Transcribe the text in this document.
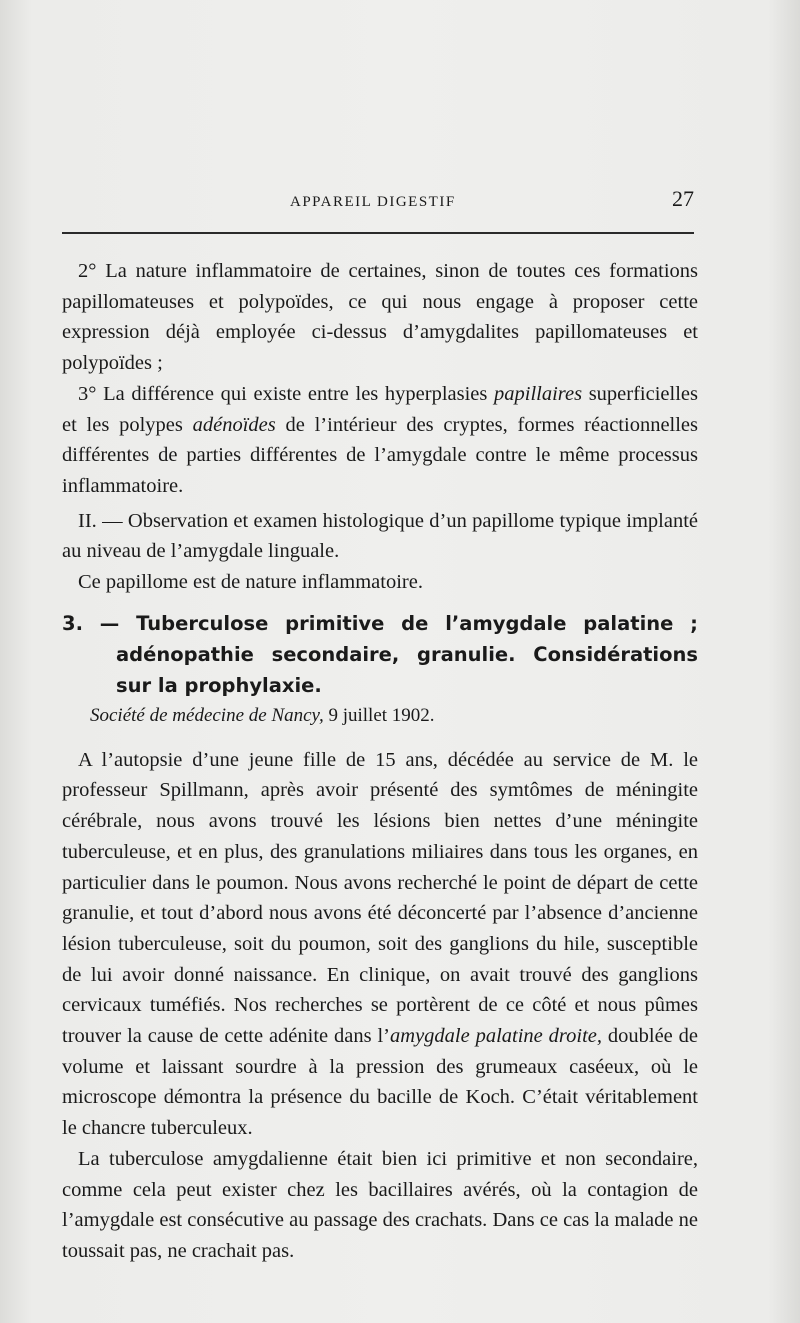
APPAREIL DIGESTIF	27

2° La nature inflammatoire de certaines, sinon de toutes ces formations papillomateuses et polypoïdes, ce qui nous engage à proposer cette expression déjà employée ci-dessus d’amygdalites papillomateuses et polypoïdes ;

3° La différence qui existe entre les hyperplasies papillaires superficielles et les polypes adénoïdes de l’intérieur des cryptes, formes réactionnelles différentes de parties différentes de l’amygdale contre le même processus inflammatoire.

II. — Observation et examen histologique d’un papillome typique implanté au niveau de l’amygdale linguale.

Ce papillome est de nature inflammatoire.

3. — Tuberculose primitive de l’amygdale palatine ; adénopathie secondaire, granulie. Considérations sur la prophylaxie.
Société de médecine de Nancy, 9 juillet 1902.

A l’autopsie d’une jeune fille de 15 ans, décédée au service de M. le professeur Spillmann, après avoir présenté des symtômes de méningite cérébrale, nous avons trouvé les lésions bien nettes d’une méningite tuberculeuse, et en plus, des granulations miliaires dans tous les organes, en particulier dans le poumon. Nous avons recherché le point de départ de cette granulie, et tout d’abord nous avons été déconcerté par l’absence d’ancienne lésion tuberculeuse, soit du poumon, soit des ganglions du hile, susceptible de lui avoir donné naissance. En clinique, on avait trouvé des ganglions cervicaux tuméfiés. Nos recherches se portèrent de ce côté et nous pûmes trouver la cause de cette adénite dans l’amygdale palatine droite, doublée de volume et laissant sourdre à la pression des grumeaux caséeux, où le microscope démontra la présence du bacille de Koch. C’était véritablement le chancre tuberculeux.

La tuberculose amygdalienne était bien ici primitive et non secondaire, comme cela peut exister chez les bacillaires avérés, où la contagion de l’amygdale est consécutive au passage des crachats. Dans ce cas la malade ne toussait pas, ne crachait pas.
